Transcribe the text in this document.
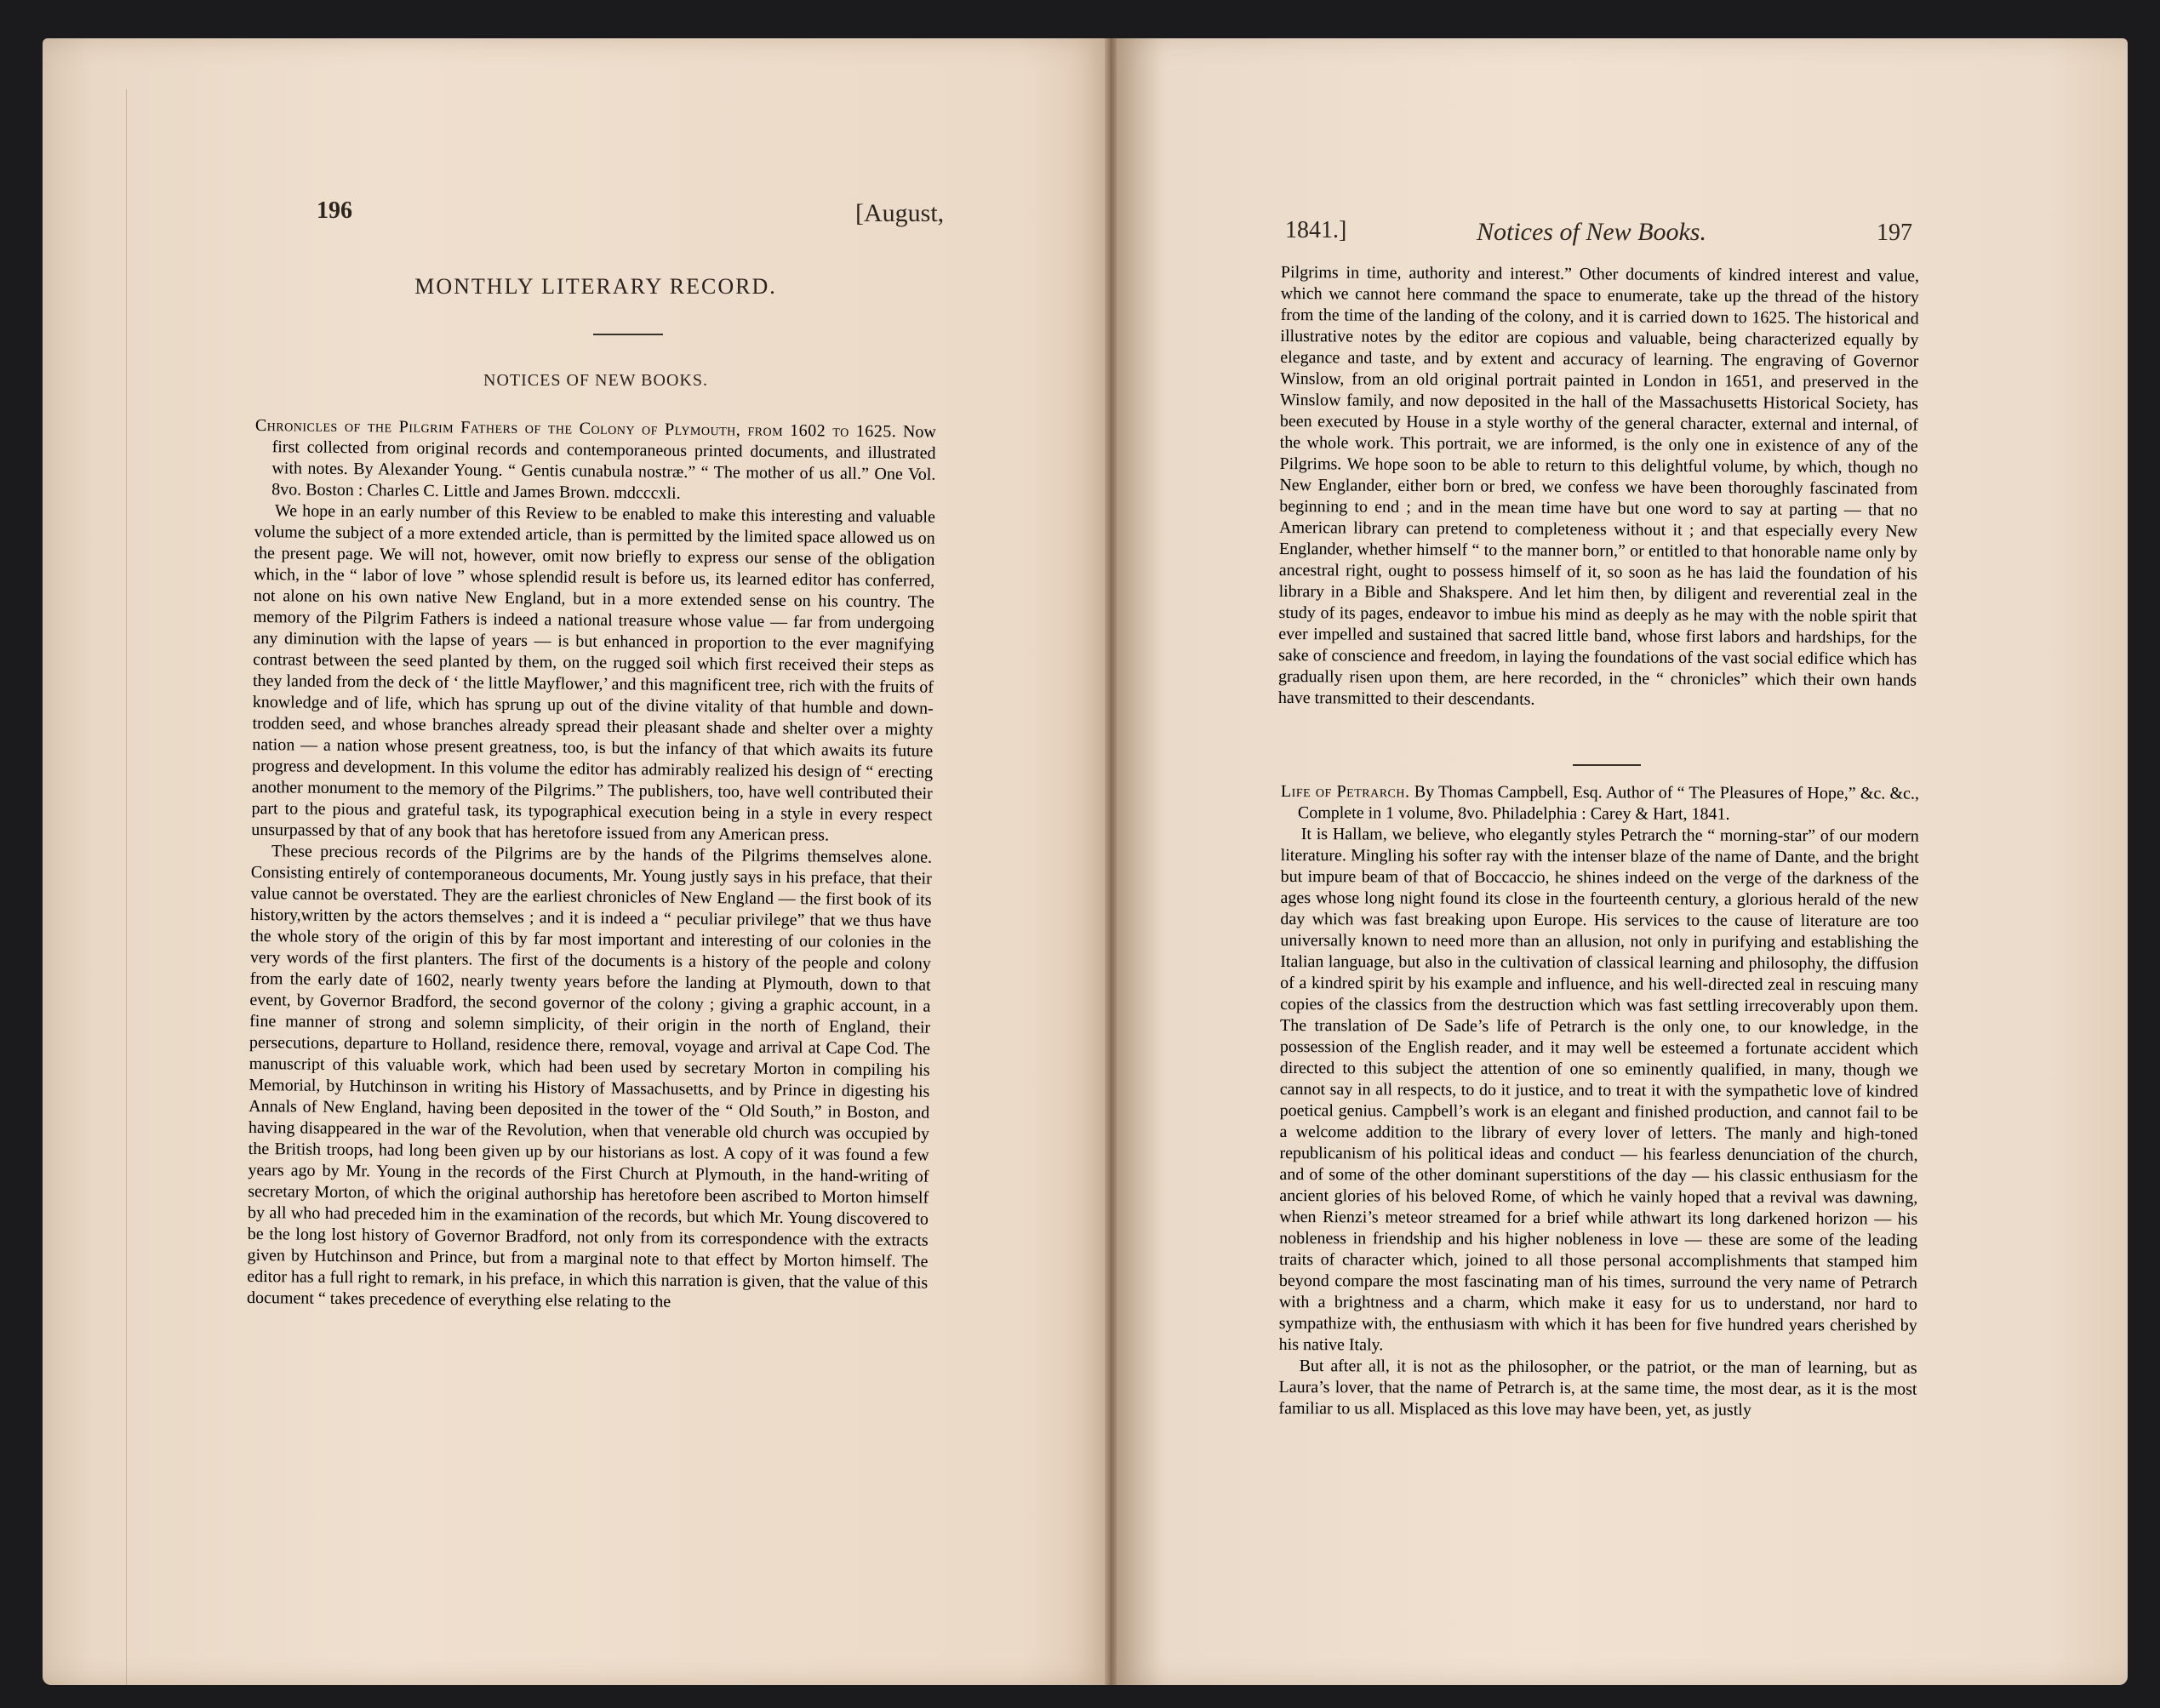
196	[August,
MONTHLY LITERARY RECORD.
NOTICES OF NEW BOOKS.

Chronicles of the Pilgrim Fathers of the Colony of Plymouth, from 1602 to 1625. Now first collected from original records and contemporaneous printed documents, and illustrated with notes. By Alexander Young. “ Gentis cunabula nostræ.” “ The mother of us all.” One Vol. 8vo. Boston : Charles C. Little and James Brown. mdcccxli.

We hope in an early number of this Review to be enabled to make this interesting and valuable volume the subject of a more extended article, than is permitted by the limited space allowed us on the present page. We will not, however, omit now briefly to express our sense of the obligation which, in the “ labor of love ” whose splendid result is before us, its learned editor has conferred, not alone on his own native New England, but in a more extended sense on his country. The memory of the Pilgrim Fathers is indeed a national treasure whose value — far from undergoing any diminution with the lapse of years — is but enhanced in proportion to the ever magnifying contrast between the seed planted by them, on the rugged soil which first received their steps as they landed from the deck of ‘ the little Mayflower,’ and this magnificent tree, rich with the fruits of knowledge and of life, which has sprung up out of the divine vitality of that humble and down-trodden seed, and whose branches already spread their pleasant shade and shelter over a mighty nation — a nation whose present greatness, too, is but the infancy of that which awaits its future progress and development. In this volume the editor has admirably realized his design of “ erecting another monument to the memory of the Pilgrims.” The publishers, too, have well contributed their part to the pious and grateful task, its typographical execution being in a style in every respect unsurpassed by that of any book that has heretofore issued from any American press.

These precious records of the Pilgrims are by the hands of the Pilgrims themselves alone. Consisting entirely of contemporaneous documents, Mr. Young justly says in his preface, that their value cannot be overstated. They are the earliest chronicles of New England — the first book of its history,written by the actors themselves ; and it is indeed a “ peculiar privilege” that we thus have the whole story of the origin of this by far most important and interesting of our colonies in the very words of the first planters. The first of the documents is a history of the people and colony from the early date of 1602, nearly twenty years before the landing at Plymouth, down to that event, by Governor Bradford, the second governor of the colony ; giving a graphic account, in a fine manner of strong and solemn simplicity, of their origin in the north of England, their persecutions, departure to Holland, residence there, removal, voyage and arrival at Cape Cod. The manuscript of this valuable work, which had been used by secretary Morton in compiling his Memorial, by Hutchinson in writing his History of Massachusetts, and by Prince in digesting his Annals of New England, having been deposited in the tower of the “ Old South,” in Boston, and having disappeared in the war of the Revolution, when that venerable old church was occupied by the British troops, had long been given up by our historians as lost. A copy of it was found a few years ago by Mr. Young in the records of the First Church at Plymouth, in the hand-writing of secretary Morton, of which the original authorship has heretofore been ascribed to Morton himself by all who had preceded him in the examination of the records, but which Mr. Young discovered to be the long lost history of Governor Bradford, not only from its correspondence with the extracts given by Hutchinson and Prince, but from a marginal note to that effect by Morton himself. The editor has a full right to remark, in his preface, in which this narration is given, that the value of this document “ takes precedence of everything else relating to the

1841.]	Notices of New Books.	197

Pilgrims in time, authority and interest.” Other documents of kindred interest and value, which we cannot here command the space to enumerate, take up the thread of the history from the time of the landing of the colony, and it is carried down to 1625. The historical and illustrative notes by the editor are copious and valuable, being characterized equally by elegance and taste, and by extent and accuracy of learning. The engraving of Governor Winslow, from an old original portrait painted in London in 1651, and preserved in the Winslow family, and now deposited in the hall of the Massachusetts Historical Society, has been executed by House in a style worthy of the general character, external and internal, of the whole work. This portrait, we are informed, is the only one in existence of any of the Pilgrims. We hope soon to be able to return to this delightful volume, by which, though no New Englander, either born or bred, we confess we have been thoroughly fascinated from beginning to end ; and in the mean time have but one word to say at parting — that no American library can pretend to completeness without it ; and that especially every New Englander, whether himself “ to the manner born,” or entitled to that honorable name only by ancestral right, ought to possess himself of it, so soon as he has laid the foundation of his library in a Bible and Shakspere. And let him then, by diligent and reverential zeal in the study of its pages, endeavor to imbue his mind as deeply as he may with the noble spirit that ever impelled and sustained that sacred little band, whose first labors and hardships, for the sake of conscience and freedom, in laying the foundations of the vast social edifice which has gradually risen upon them, are here recorded, in the “ chronicles” which their own hands have transmitted to their descendants.

Life of Petrarch. By Thomas Campbell, Esq. Author of “ The Pleasures of Hope,” &c. &c., Complete in 1 volume, 8vo. Philadelphia : Carey & Hart, 1841.

It is Hallam, we believe, who elegantly styles Petrarch the “ morning-star” of our modern literature. Mingling his softer ray with the intenser blaze of the name of Dante, and the bright but impure beam of that of Boccaccio, he shines indeed on the verge of the darkness of the ages whose long night found its close in the fourteenth century, a glorious herald of the new day which was fast breaking upon Europe. His services to the cause of literature are too universally known to need more than an allusion, not only in purifying and establishing the Italian language, but also in the cultivation of classical learning and philosophy, the diffusion of a kindred spirit by his example and influence, and his well-directed zeal in rescuing many copies of the classics from the destruction which was fast settling irrecoverably upon them. The translation of De Sade’s life of Petrarch is the only one, to our knowledge, in the possession of the English reader, and it may well be esteemed a fortunate accident which directed to this subject the attention of one so eminently qualified, in many, though we cannot say in all respects, to do it justice, and to treat it with the sympathetic love of kindred poetical genius. Campbell’s work is an elegant and finished production, and cannot fail to be a welcome addition to the library of every lover of letters. The manly and high-toned republicanism of his political ideas and conduct — his fearless denunciation of the church, and of some of the other dominant superstitions of the day — his classic enthusiasm for the ancient glories of his beloved Rome, of which he vainly hoped that a revival was dawning, when Rienzi’s meteor streamed for a brief while athwart its long darkened horizon — his nobleness in friendship and his higher nobleness in love — these are some of the leading traits of character which, joined to all those personal accomplishments that stamped him beyond compare the most fascinating man of his times, surround the very name of Petrarch with a brightness and a charm, which make it easy for us to understand, nor hard to sympathize with, the enthusiasm with which it has been for five hundred years cherished by his native Italy.

But after all, it is not as the philosopher, or the patriot, or the man of learning, but as Laura’s lover, that the name of Petrarch is, at the same time, the most dear, as it is the most familiar to us all. Misplaced as this love may have been, yet, as justly
